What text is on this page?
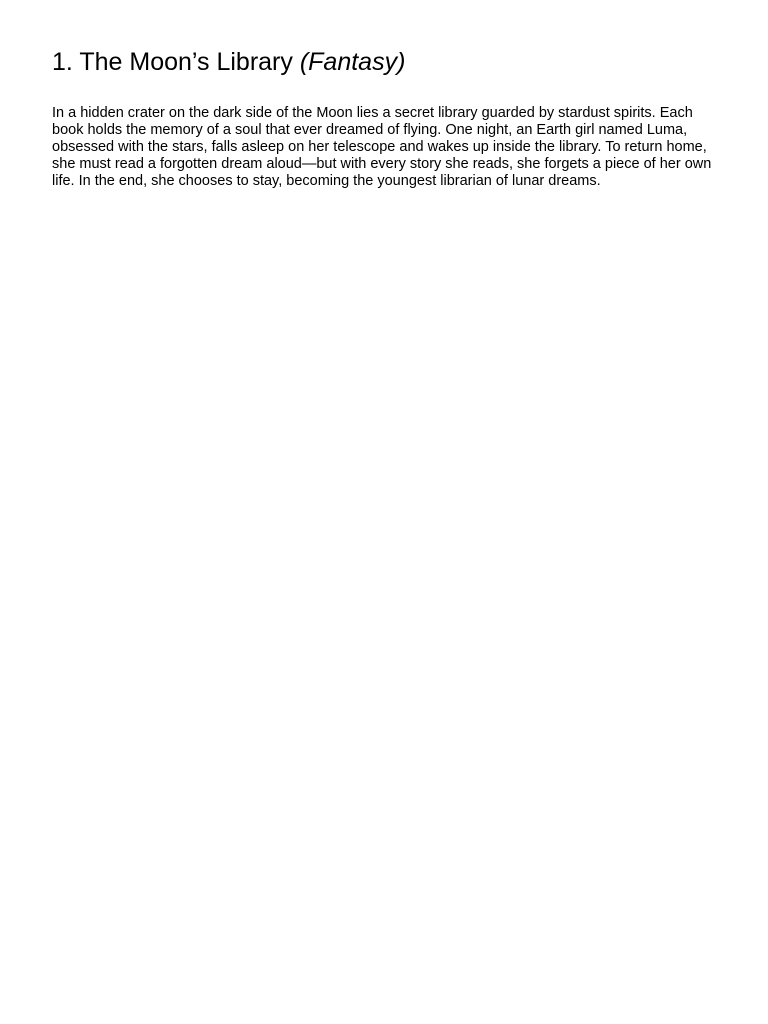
1. The Moon’s Library (Fantasy)

In a hidden crater on the dark side of the Moon lies a secret library guarded by stardust spirits. Each book holds the memory of a soul that ever dreamed of flying. One night, an Earth girl named Luma, obsessed with the stars, falls asleep on her telescope and wakes up inside the library. To return home, she must read a forgotten dream aloud—but with every story she reads, she forgets a piece of her own life. In the end, she chooses to stay, becoming the youngest librarian of lunar dreams.
